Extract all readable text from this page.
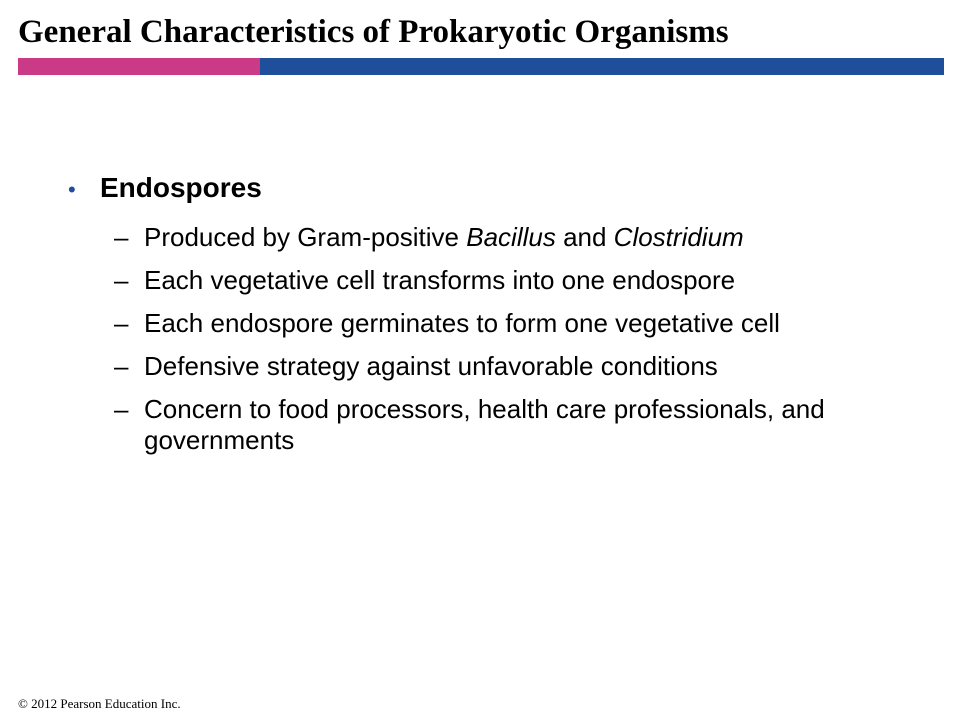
General Characteristics of Prokaryotic Organisms
• Endospores
– Produced by Gram-positive Bacillus and Clostridium
– Each vegetative cell transforms into one endospore
– Each endospore germinates to form one vegetative cell
– Defensive strategy against unfavorable conditions
– Concern to food processors, health care professionals, and governments
© 2012 Pearson Education Inc.
